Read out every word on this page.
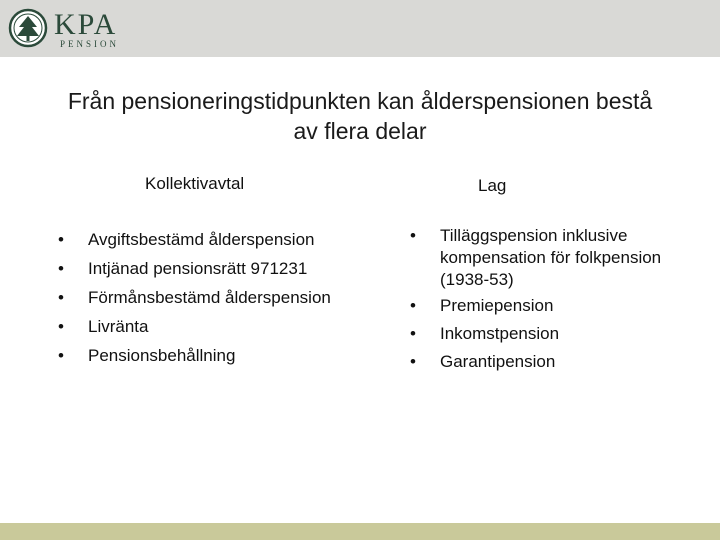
KPA
PENSION
Från pensioneringstidpunkten kan ålderspensionen bestå av flera delar
Kollektivavtal	Lag
• Avgiftsbestämd ålderspension
• Intjänad pensionsrätt 971231
• Förmånsbestämd ålderspension
• Livränta
• Pensionsbehållning
• Tilläggspension inklusive kompensation för folkpension (1938-53)
• Premiepension
• Inkomstpension
• Garantipension
